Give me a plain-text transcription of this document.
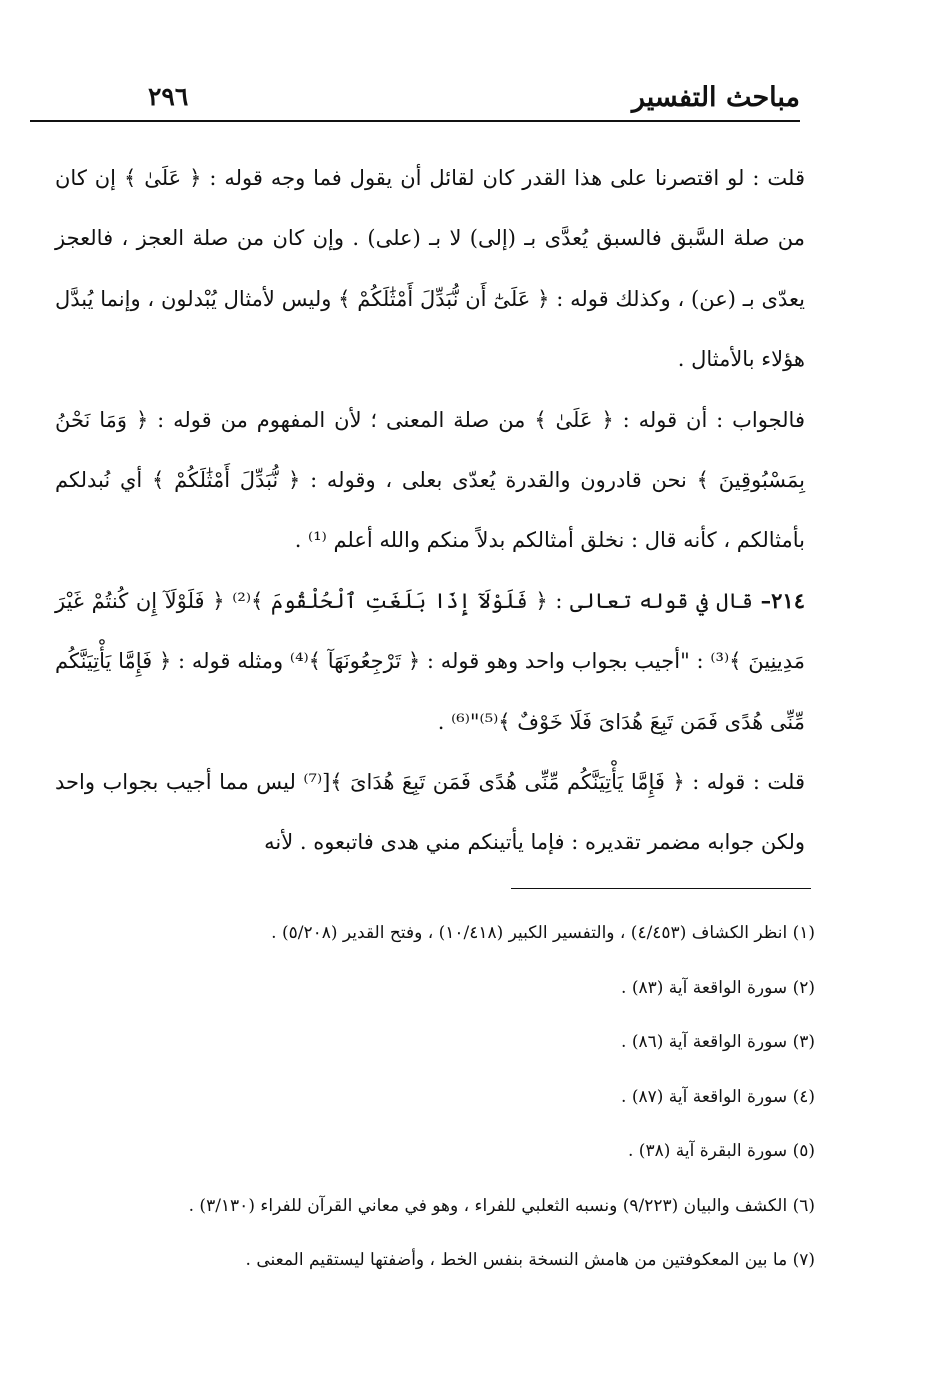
مباحث التفسير
٢٩٦

قلت : لو اقتصرنا على هذا القدر كان لقائل أن يقول فما وجه قوله : ﴿ عَلَىٰ ﴾ إن كان من صلة السَّبق فالسبق يُعدَّى بـ (إلى) لا بـ (على) . وإن كان من صلة العجز ، فالعجز يعدّى بـ (عن) ، وكذلك قوله : ﴿ عَلَىٰٓ أَن نُّبَدِّلَ أَمْثَٰلَكُمْ ﴾ وليس لأمثال يُبْدلون ، وإنما يُبدَّل هؤلاء بالأمثال .

فالجواب : أن قوله : ﴿ عَلَىٰ ﴾ من صلة المعنى ؛ لأن المفهوم من قوله : ﴿ وَمَا نَحْنُ بِمَسْبُوقِينَ ﴾ نحن قادرون والقدرة يُعدّى بعلى ، وقوله : ﴿ نُّبَدِّلَ أَمْثَٰلَكُمْ ﴾ أي نُبدلكم بأمثالكم ، كأنه قال : نخلق أمثالكم بدلاً منكم والله أعلم ⁽¹⁾ .

٢١٤– قال في قوله تعالى : ﴿ فَلَوْلَآ إِذَا بَلَغَتِ ٱلْحُلْقُومَ ﴾⁽²⁾ ﴿ فَلَوْلَآ إِن كُنتُمْ غَيْرَ مَدِينِينَ ﴾⁽³⁾ : "أجيب بجواب واحد وهو قوله : ﴿ تَرْجِعُونَهَآ ﴾⁽⁴⁾ ومثله قوله : ﴿ فَإِمَّا يَأْتِيَنَّكُم مِّنِّى هُدًى فَمَن تَبِعَ هُدَاىَ فَلَا خَوْفٌ ﴾⁽⁵⁾"⁽⁶⁾ .

قلت : قوله : ﴿ فَإِمَّا يَأْتِيَنَّكُم مِّنِّى هُدًى فَمَن تَبِعَ هُدَاىَ ﴾[⁽⁷⁾ ليس مما أجيب بجواب واحد ولكن جوابه مضمر تقديره : فإما يأتينكم مني هدى فاتبعوه . لأنه

(١) انظر الكشاف (٤/٤٥٣) ، والتفسير الكبير (١٠/٤١٨) ، وفتح القدير (٥/٢٠٨) .

(٢) سورة الواقعة آية (٨٣) .

(٣) سورة الواقعة آية (٨٦) .

(٤) سورة الواقعة آية (٨٧) .

(٥) سورة البقرة آية (٣٨) .

(٦) الكشف والبيان (٩/٢٢٣) ونسبه الثعلبي للفراء ، وهو في معاني القرآن للفراء (٣/١٣٠) .

(٧) ما بين المعكوفتين من هامش النسخة بنفس الخط ، وأضفتها ليستقيم المعنى .
